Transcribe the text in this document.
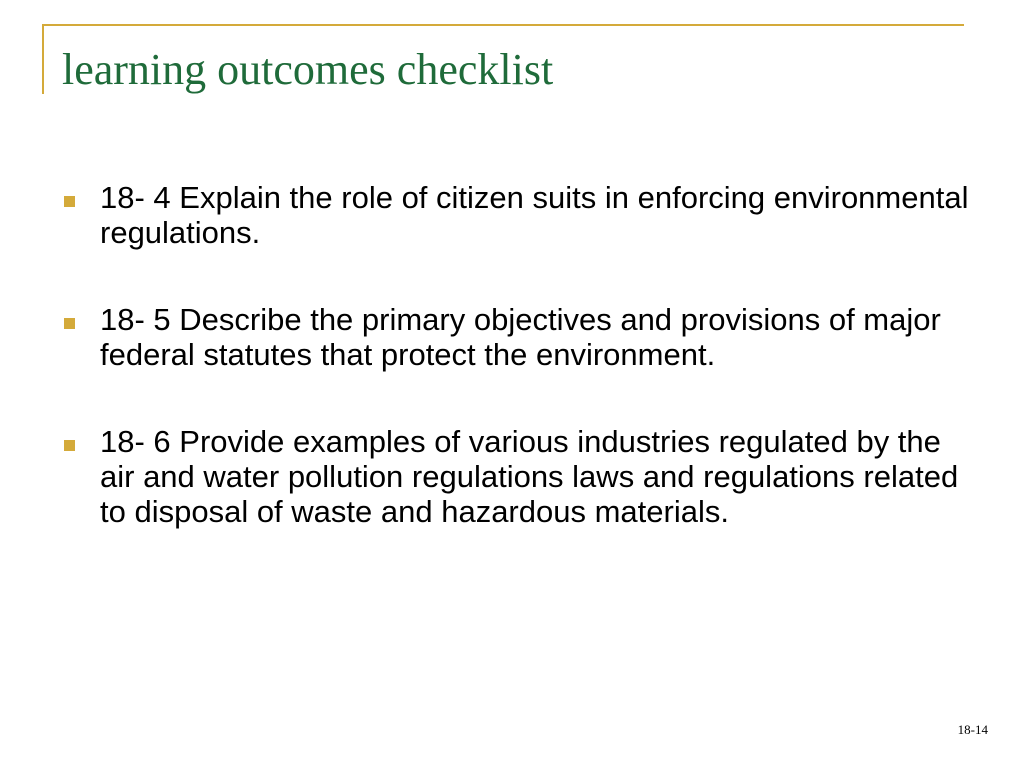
learning outcomes checklist
18- 4 Explain the role of citizen suits in enforcing environmental regulations.
18- 5 Describe the primary objectives and provisions of major federal statutes that protect the environment.
18- 6 Provide examples of various industries regulated by the air and water pollution regulations laws and regulations related to disposal of waste and hazardous materials.
18-14
